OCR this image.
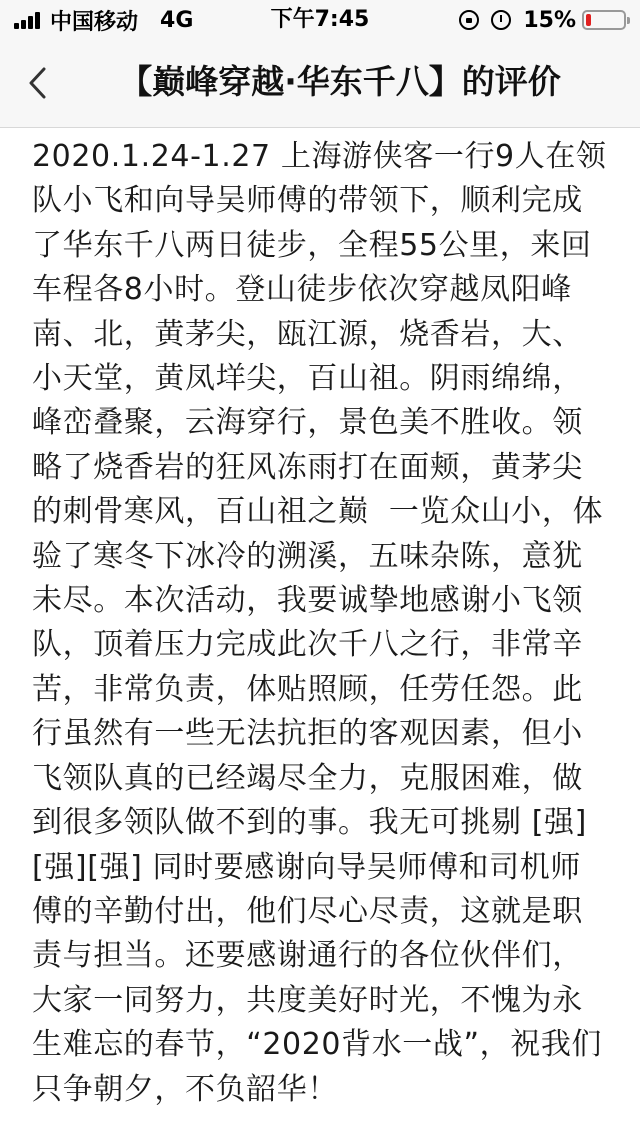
中国移动 4G	下午7:45	15%
【巅峰穿越·华东千八】的评价
2020.1.24-1.27 上海游侠客一行9人在领队小飞和向导吴师傅的带领下，顺利完成了华东千八两日徒步，全程55公里，来回车程各8小时。登山徒步依次穿越凤阳峰南、北，黄茅尖，瓯江源，烧香岩，大、小天堂，黄凤垟尖，百山祖。阴雨绵绵，峰峦叠聚，云海穿行，景色美不胜收。领略了烧香岩的狂风冻雨打在面颊，黄茅尖的刺骨寒风，百山祖之巅  一览众山小，体验了寒冬下冰冷的溯溪，五味杂陈，意犹未尽。本次活动，我要诚挚地感谢小飞领队，顶着压力完成此次千八之行，非常辛苦，非常负责，体贴照顾，任劳任怨。此行虽然有一些无法抗拒的客观因素，但小飞领队真的已经竭尽全力，克服困难，做到很多领队做不到的事。我无可挑剔 [强][强][强] 同时要感谢向导吴师傅和司机师傅的辛勤付出，他们尽心尽责，这就是职责与担当。还要感谢通行的各位伙伴们，大家一同努力，共度美好时光，不愧为永生难忘的春节，“2020背水一战”，祝我们只争朝夕，不负韶华！
